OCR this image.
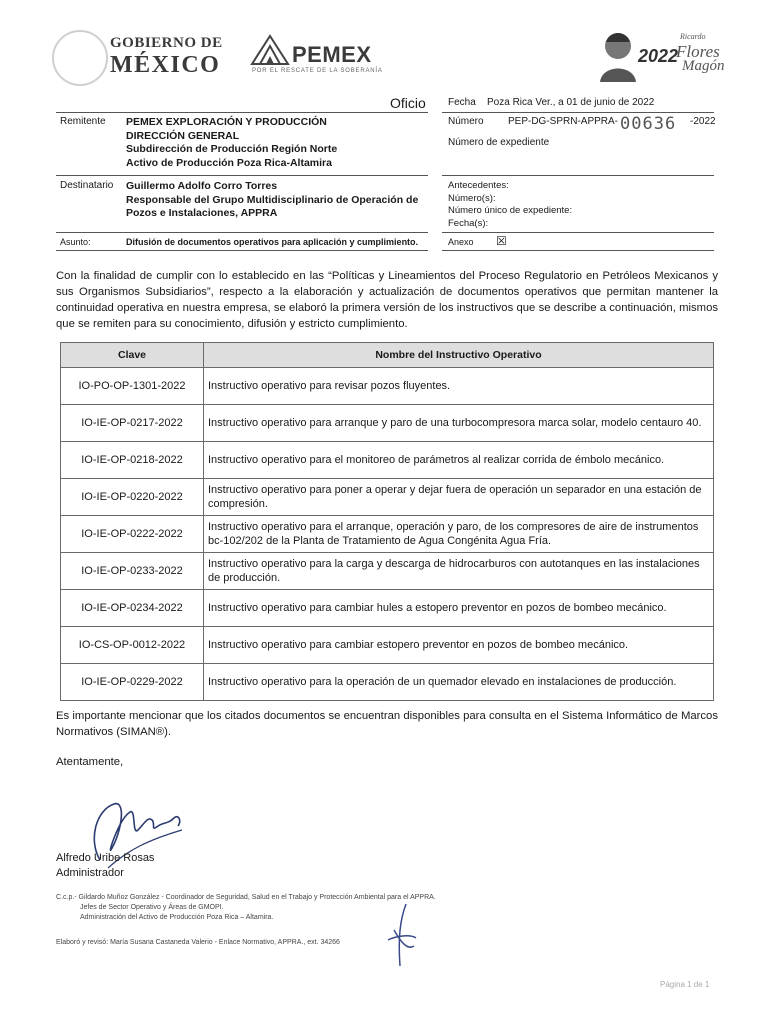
GOBIERNO DE
MÉXICO	PEMEX
POR EL RESCATE DE LA SOBERANÍA
2022
Ricardo
Flores
Magón
Oficio Fecha Poza Rica Ver., a 01 de junio de 2022
Remitente PEMEX EXPLORACIÓN Y PRODUCCIÓN
DIRECCIÓN GENERAL
Subdirección de Producción Región Norte
Activo de Producción Poza Rica-Altamira
Número PEP-DG-SPRN-APPRA- 00636 -2022
Número de expediente
Destinatario Guillermo Adolfo Corro Torres
Responsable del Grupo Multidisciplinario de Operación de
Pozos e Instalaciones, APPRA
Antecedentes:
Número(s):
Número único de expediente:
Fecha(s):
Asunto:	Difusión de documentos operativos para aplicación y cumplimiento.	Anexo ☒
Con la finalidad de cumplir con lo establecido en las “Políticas y Lineamientos del Proceso Regulatorio en Petróleos Mexicanos y sus Organismos Subsidiarios”, respecto a la elaboración y actualización de documentos operativos que permitan mantener la continuidad operativa en nuestra empresa, se elaboró la primera versión de los instructivos que se describe a continuación, mismos que se remiten para su conocimiento, difusión y estricto cumplimiento.
Clave	Nombre del Instructivo Operativo
IO-PO-OP-1301-2022	Instructivo operativo para revisar pozos fluyentes.
IO-IE-OP-0217-2022	Instructivo operativo para arranque y paro de una turbocompresora marca solar, modelo centauro 40.
IO-IE-OP-0218-2022	Instructivo operativo para el monitoreo de parámetros al realizar corrida de émbolo mecánico.
IO-IE-OP-0220-2022	Instructivo operativo para poner a operar y dejar fuera de operación un separador en una estación de compresión.
IO-IE-OP-0222-2022	Instructivo operativo para el arranque, operación y paro, de los compresores de aire de instrumentos bc-102/202 de la Planta de Tratamiento de Agua Congénita Agua Fría.
IO-IE-OP-0233-2022	Instructivo operativo para la carga y descarga de hidrocarburos con autotanques en las instalaciones de producción.
IO-IE-OP-0234-2022	Instructivo operativo para cambiar hules a estopero preventor en pozos de bombeo mecánico.
IO-CS-OP-0012-2022	Instructivo operativo para cambiar estopero preventor en pozos de bombeo mecánico.
IO-IE-OP-0229-2022	Instructivo operativo para la operación de un quemador elevado en instalaciones de producción.
Es importante mencionar que los citados documentos se encuentran disponibles para consulta en el Sistema Informático de Marcos Normativos (SIMAN®).
Atentamente,
Alfredo Uribe Rosas
Administrador
C.c.p.- Gildardo Muñoz González - Coordinador de Seguridad, Salud en el Trabajo y Protección Ambiental para el APPRA.
Jefes de Sector Operativo y Áreas de GMOPI.
Administración del Activo de Producción Poza Rica – Altamira.
Elaboró y revisó: María Susana Castaneda Valerio - Enlace Normativo, APPRA., ext. 34266
Página 1 de 1
